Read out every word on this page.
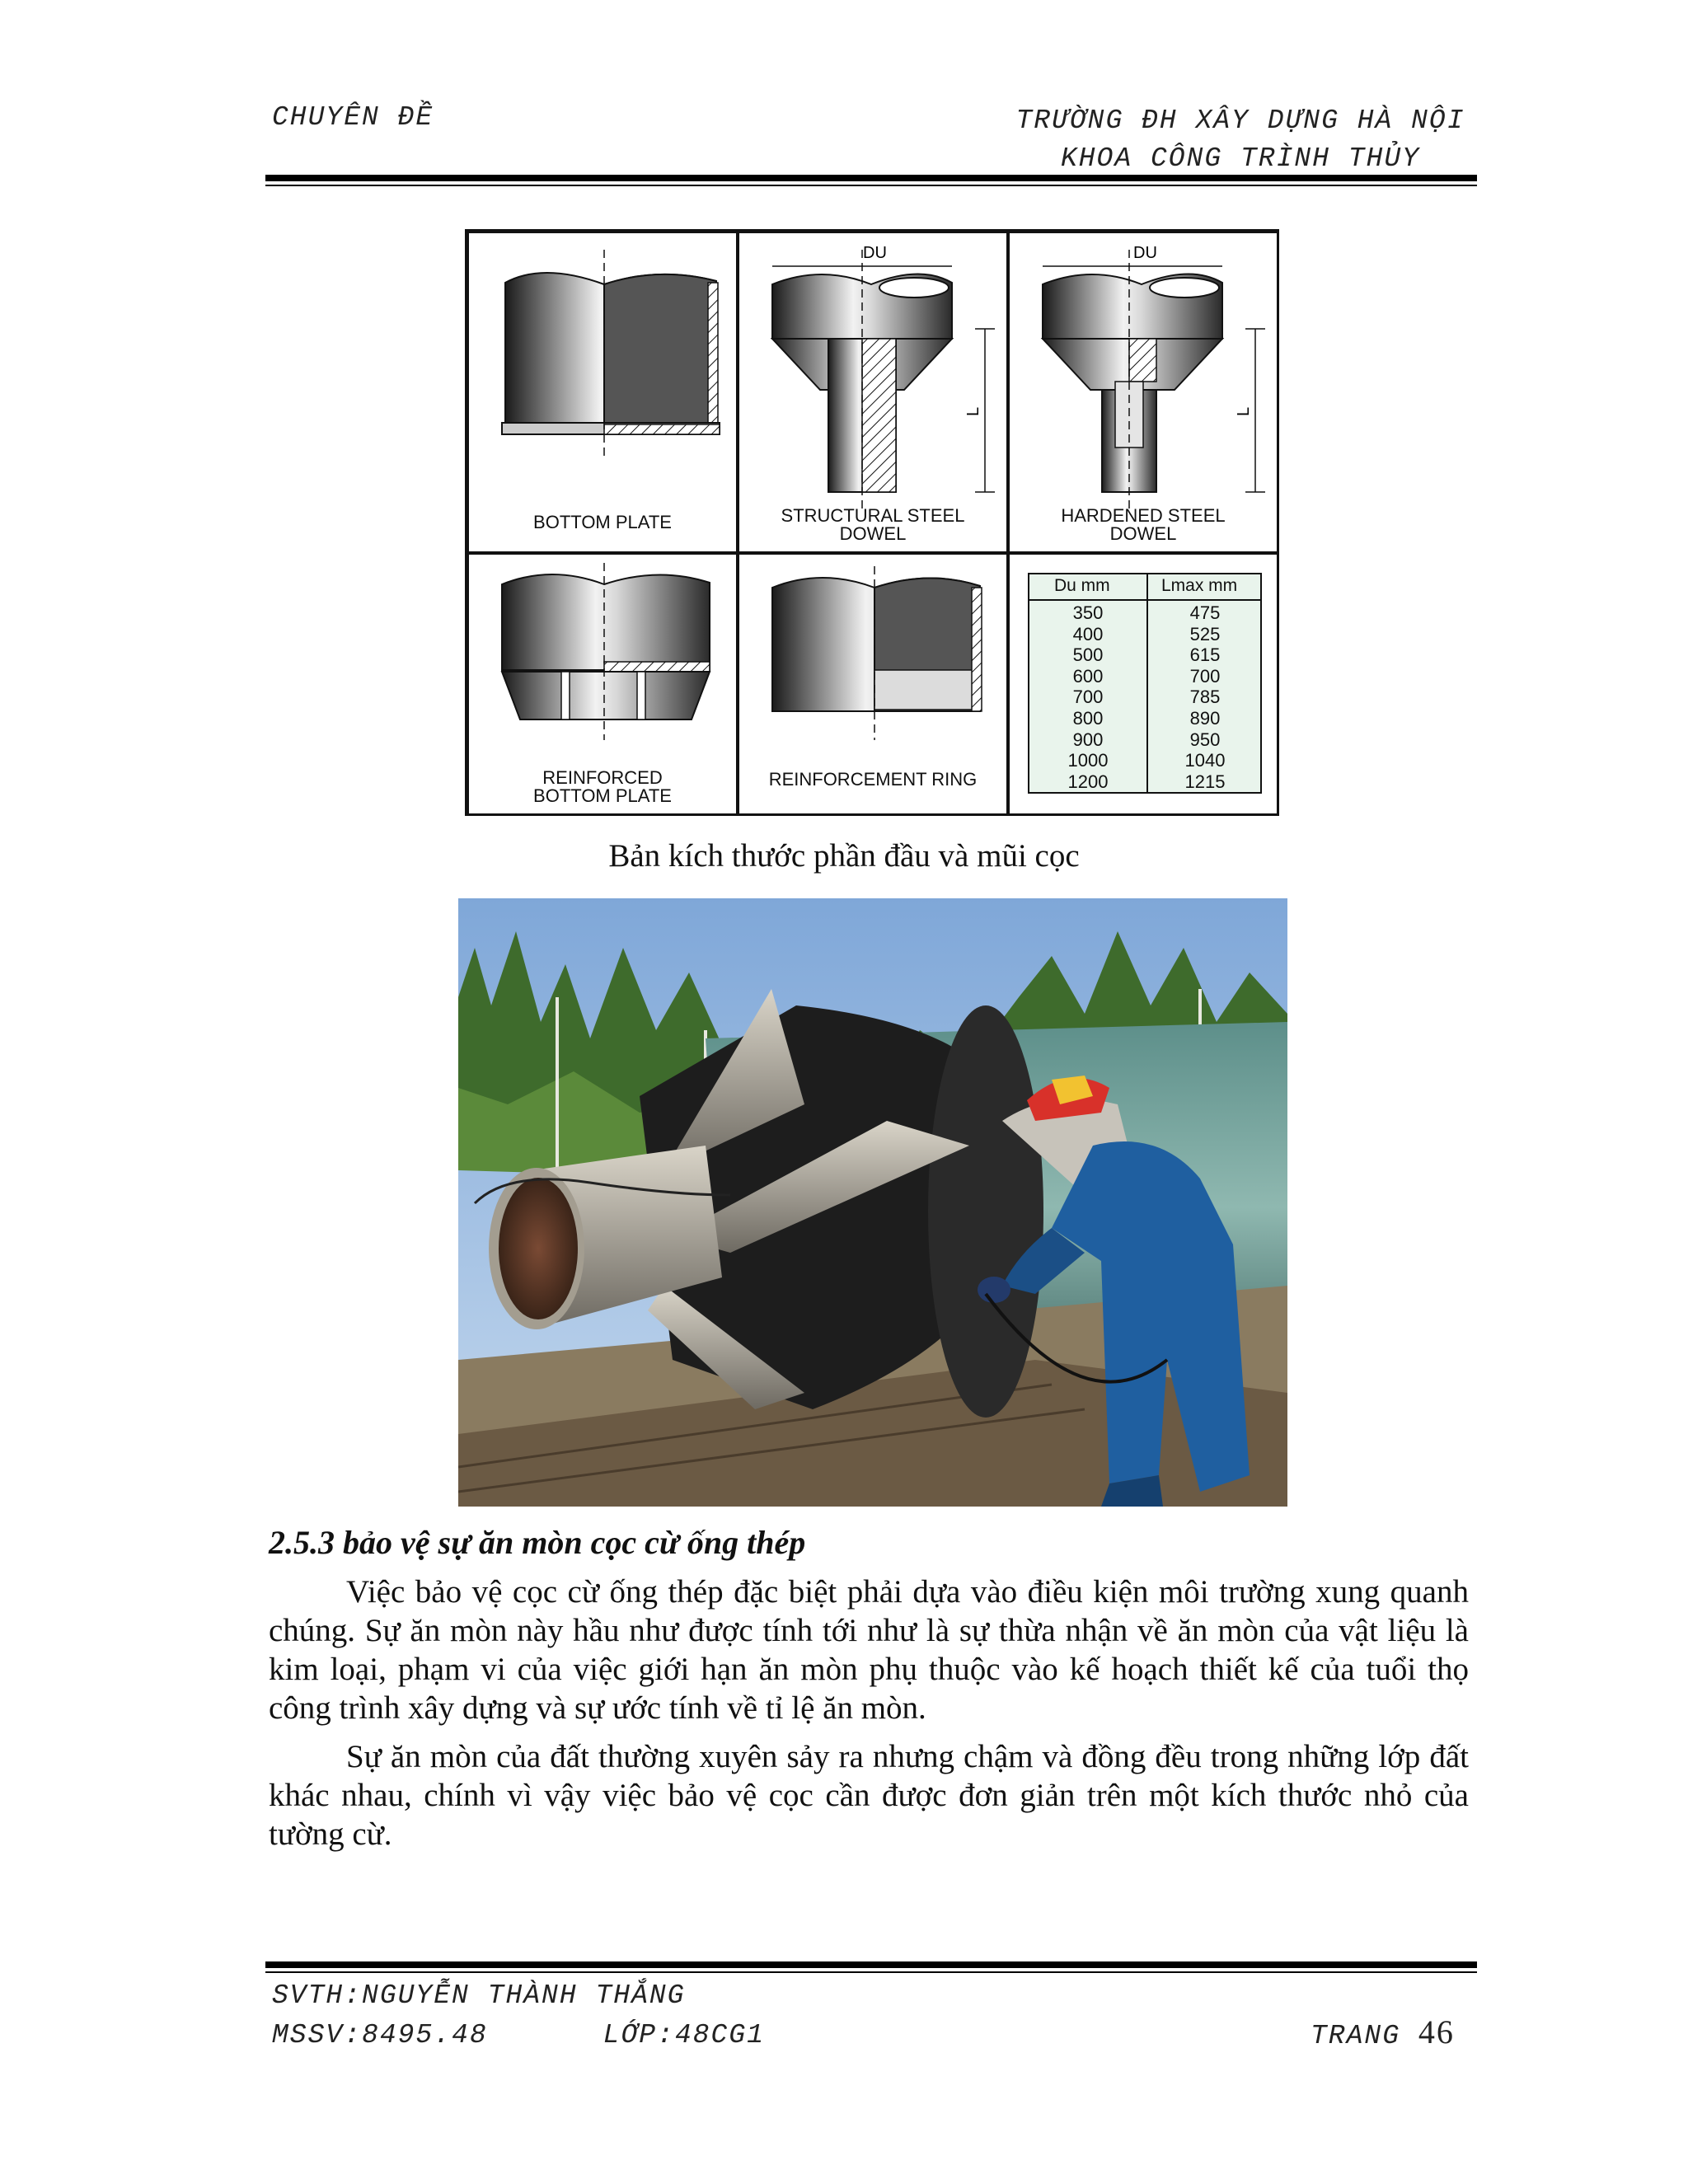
CHUYÊN ĐỀ	TRƯỜNG ĐH XÂY DỰNG HÀ NỘI
KHOA CÔNG TRÌNH THỦY
BOTTOM PLATE
DU
L
STRUCTURAL STEEL
DOWEL
DU
L
HARDENED STEEL
DOWEL
REINFORCED
BOTTOM PLATE
REINFORCEMENT RING
Du mm	Lmax mm
350	475
400	525
500	615
600	700
700	785
800	890
900	950
1000	1040
1200	1215
Bản kích thước phần đầu và mũi cọc
2.5.3 bảo vệ sự ăn mòn cọc cừ ống thép

Việc bảo vệ cọc cừ ống thép đặc biệt phải dựa vào điều kiện môi trường xung quanh chúng. Sự ăn mòn này hầu như được tính tới như là sự thừa nhận về ăn mòn của vật liệu là kim loại, phạm vi của việc giới hạn ăn mòn phụ thuộc vào kế hoạch thiết kế của tuổi thọ công trình xây dựng và sự ước tính về tỉ lệ ăn mòn.

Sự ăn mòn của đất thường xuyên sảy ra nhưng chậm và đồng đều trong những lớp đất khác nhau, chính vì vậy việc bảo vệ cọc cần được đơn giản trên một kích thước nhỏ của tường cừ.

SVTH:NGUYỄN THÀNH THẮNG
MSSV:8495.48	LỚP:48CG1	TRANG 46
